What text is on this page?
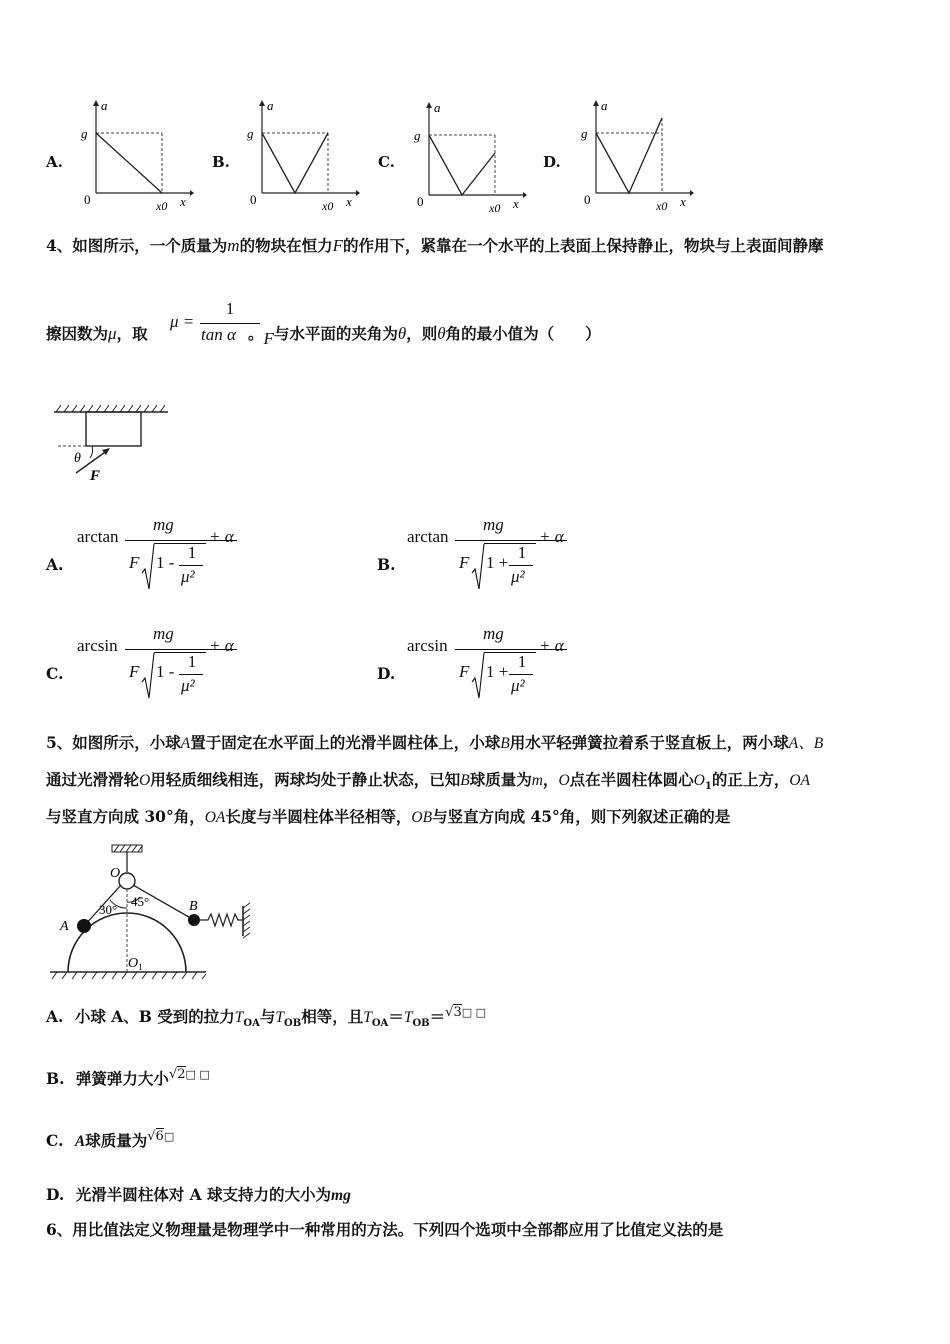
A.
a
x
g
0	x0
B.
a
x
g
0	x0
C.
a
x
g
0	x0
D.
a
x
g
0	x0
4、如图所示，一个质量为m的物块在恒力F的作用下，紧靠在一个水平的上表面上保持静止，物块与上表面间静摩
擦因数为μ，取
μ =
1
tan α 。F与水平面的夹角为θ，则θ角的最小值为（　　）
θ
F
A.
arctan
mg
F 1 -
1
μ²
+ α
B.
arctan
mg
F 1 +
1
μ²
+ α
C.
arcsin
mg
F 1 -
1
μ²
+ α
D.
arcsin
mg
F 1 +
1
μ²
+ α
5、如图所示，小球A置于固定在水平面上的光滑半圆柱体上，小球B用水平轻弹簧拉着系于竖直板上，两小球A、B
通过光滑滑轮O用轻质细线相连，两球均处于静止状态，已知B球质量为m，O点在半圆柱体圆心$O_1$的正上方，OA
与竖直方向成 30°角，OA长度与半圆柱体半径相等，OB与竖直方向成 45°角，则下列叙述正确的是
O
A
B
30°
45°
$O_1$
A. 小球 A、B 受到的拉力$T_{OA}$与$T_{OB}$相等，且$T_{OA}=T_{OB}=^{√3□ □}$
B. 弹簧弹力大小$^{√2□ □}$
C. A球质量为$^{√6□}$
D. 光滑半圆柱体对 A 球支持力的大小为mg
6、用比值法定义物理量是物理学中一种常用的方法。下列四个选项中全部都应用了比值定义法的是
